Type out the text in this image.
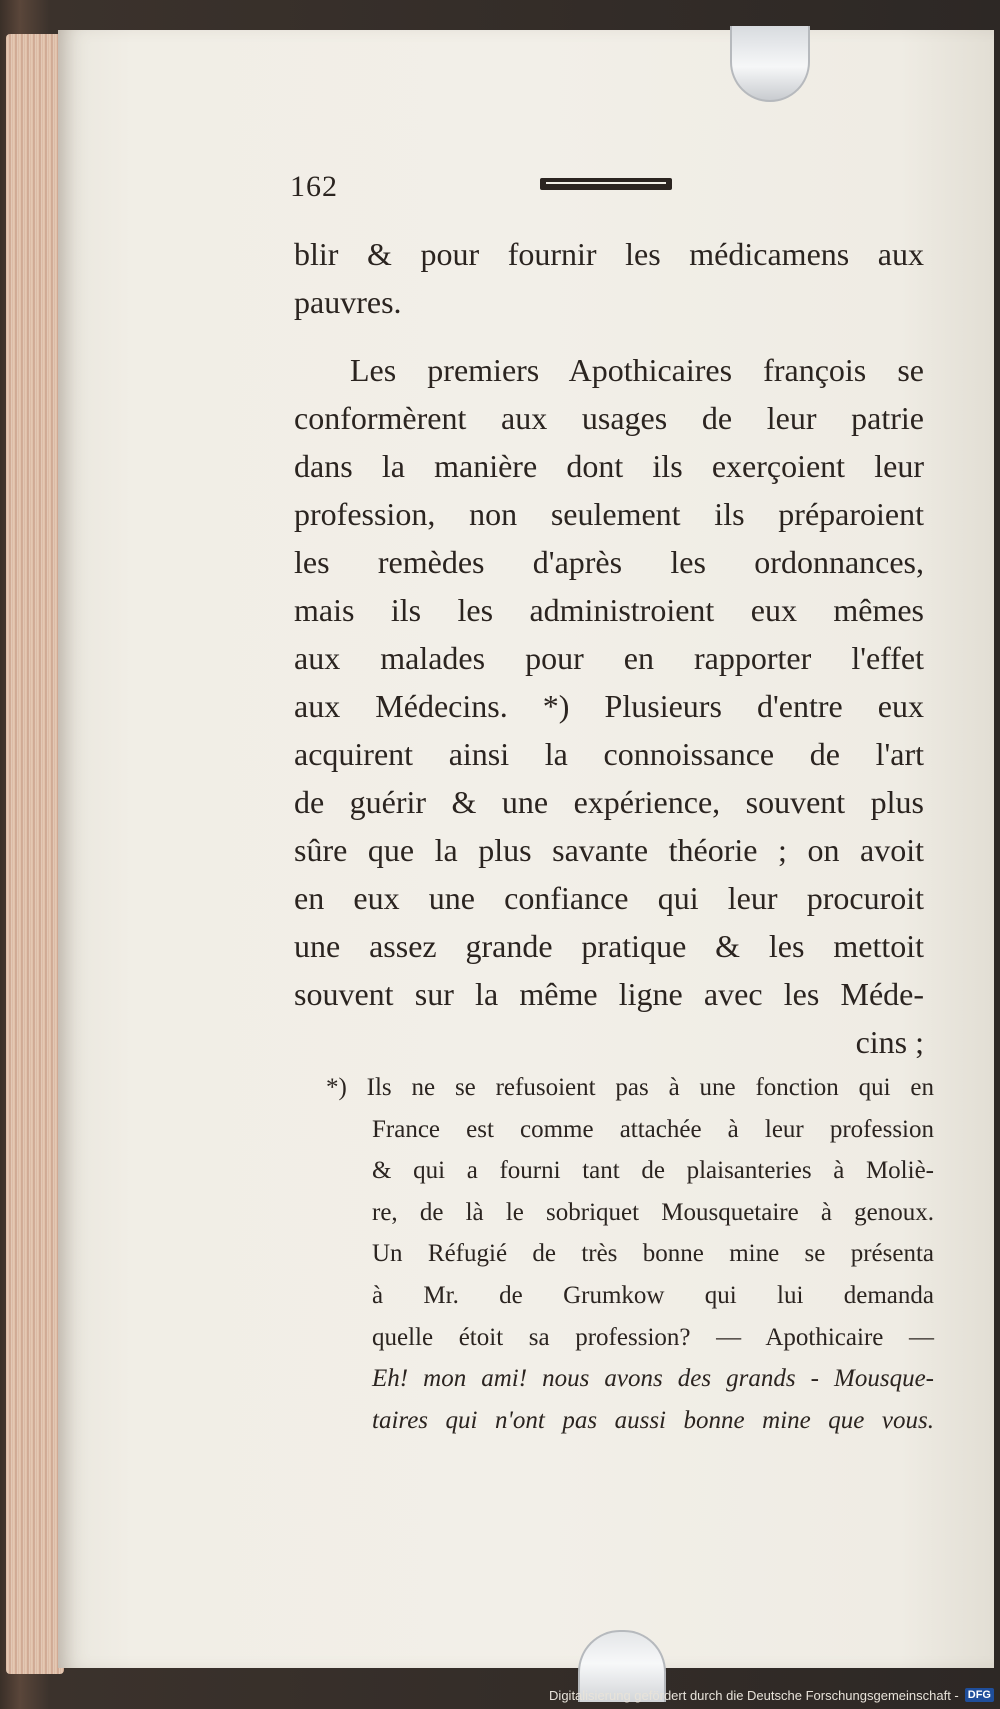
162
blir & pour fournir les médicamens aux
pauvres.
Les premiers Apothicaires françois se
conformèrent aux usages de leur patrie
dans la manière dont ils exerçoient leur
profession, non seulement ils préparoient
les remèdes d'après les ordonnances,
mais ils les administroient eux mêmes
aux malades pour en rapporter l'effet
aux Médecins. *) Plusieurs d'entre eux
acquirent ainsi la connoissance de l'art
de guérir & une expérience, souvent plus
sûre que la plus savante théorie ; on avoit
en eux une confiance qui leur procuroit
une assez grande pratique & les mettoit
souvent sur la même ligne avec les Méde-
cins ;
*) Ils ne se refusoient pas à une fonction qui en
France est comme attachée à leur profession
& qui a fourni tant de plaisanteries à Moliè-
re, de là le sobriquet Mousquetaire à genoux.
Un Réfugié de très bonne mine se présenta
à Mr. de Grumkow qui lui demanda
quelle étoit sa profession? — Apothicaire —
Eh! mon ami! nous avons des grands - Mousque-
taires qui n'ont pas aussi bonne mine que vous.
Digitalisierung gefördert durch die Deutsche Forschungsgemeinschaft - DFG
